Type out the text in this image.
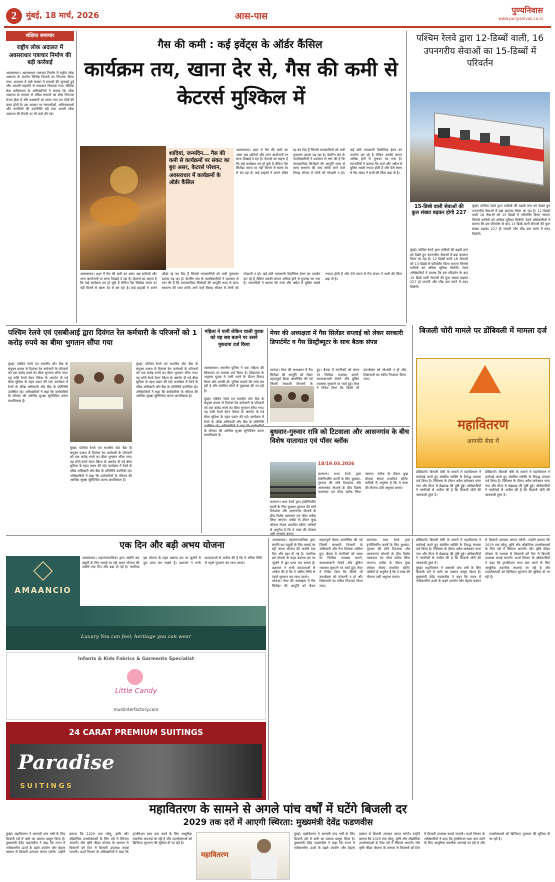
2	मुंबई, 18 मार्च, 2026	आस-पास
पुण्यनिवास
www.punyanivas.co.in
संक्षिप्त समाचार
राष्ट्रीय लोक अदालत में अवसराधार पत्राचार निर्माण की बड़ी कार्रवाई
अवसराधार। अवसराधार पत्राचार निर्माण में राष्ट्रीय लोक अदालत के अंतर्गत विभिन्न विवादों का निपटारा किया गया। अदालत में बड़ी संख्या में मामलों की सुनवाई हुई और आपसी सहमति से समाधान निकाला गया। विधिक सेवा प्राधिकरण के अधिकारियों ने बताया कि लोक अदालत के माध्यम से लंबित मामलों का शीघ्र निपटारा संभव होता है और पक्षकारों का समय तथा धन दोनों की बचत होती है। इस अवसर पर न्यायाधीशों, अधिवक्ताओं और नागरिकों की उपस्थिति रही तथा अगली लोक अदालत की तैयारी पर भी चर्चा की गई।
गैस की कमी : कई इवेंट्स के ऑर्डर कैंसिल
कार्यक्रम तय, खाना देर से, गैस की कमी से केटरर्स मुश्किल में
शादियां, जन्मदिन... गैस की कमी से कार्यक्रमों पर संकट का बुरा असर, केटरर्स परेशान, अवसराधार में कार्यक्रमों के ऑर्डर कैंसिल
अवसराधार। शहर में गैस की कमी का असर अब शादियों और अन्य आयोजनों पर साफ दिखाई दे रहा है। केटरर्स का कहना है कि कई कार्यक्रम तय हो चुके हैं लेकिन गैस सिलेंडर समय पर नहीं मिलने से खाना देर से बन रहा है। कई ग्राहकों ने अपने ऑर्डर रद्द कर दिए हैं जिससे व्यवसायियों को भारी नुकसान उठाना पड़ रहा है। केटरिंग संघ के पदाधिकारियों ने प्रशासन से मांग की है कि व्यावसायिक सिलेंडरों की आपूर्ति जल्द से जल्द सामान्य की जाए ताकि आने वाले विवाह सीजन में लोगों को परेशानी न हो। कई छोटे व्यवसायी वैकल्पिक ईंधन का उपयोग कर रहे हैं लेकिन उसकी लागत अधिक होने से मुनाफा घट गया है। व्यापारियों ने बताया कि मार्च और अप्रैल में बुकिंग सबसे ज्यादा होती है और ऐसे समय में गैस संकट ने सभी की चिंता बढ़ा दी है।
अवसराधार। शहर में गैस की कमी का असर अब शादियों और अन्य आयोजनों पर साफ दिखाई दे रहा है। केटरर्स का कहना है कि कई कार्यक्रम तय हो चुके हैं लेकिन गैस सिलेंडर समय पर नहीं मिलने से खाना देर से बन रहा है। कई ग्राहकों ने अपने ऑर्डर रद्द कर दिए हैं जिससे व्यवसायियों को भारी नुकसान उठाना पड़ रहा है। केटरिंग संघ के पदाधिकारियों ने प्रशासन से मांग की है कि व्यावसायिक सिलेंडरों की आपूर्ति जल्द से जल्द सामान्य की जाए ताकि आने वाले विवाह सीजन में लोगों को परेशानी न हो। कई छोटे व्यवसायी वैकल्पिक ईंधन का उपयोग कर रहे हैं लेकिन उसकी लागत अधिक होने से मुनाफा घट गया है। व्यापारियों ने बताया कि मार्च और अप्रैल में बुकिंग सबसे ज्यादा होती है और ऐसे समय में गैस संकट ने सभी की चिंता बढ़ा दी है।
पश्चिम रेलवे द्वारा 12-डिब्बों वाली, 16 उपनगरीय सेवाओं का 15-डिब्बों में परिवर्तन
15-डिब्बे वाली सेवाओं की कुल संख्या बढ़कर होगी 227
मुंबई। पश्चिम रेलवे द्वारा यात्रियों की बढ़ती मांग को देखते हुए उपनगरीय सेवाओं में बड़ा बदलाव किया जा रहा है। 12 डिब्बों वाली 16 सेवाओं को 15 डिब्बों में परिवर्तित किया जाएगा जिससे यात्रियों को अधिक सुविधा मिलेगी। रेलवे अधिकारियों ने बताया कि इस परिवर्तन के बाद 15 डिब्बे वाली सेवाओं की कुल संख्या बढ़कर 227 हो जाएगी और भीड़ कम करने में मदद मिलेगी।
मुंबई। पश्चिम रेलवे द्वारा यात्रियों की बढ़ती मांग को देखते हुए उपनगरीय सेवाओं में बड़ा बदलाव किया जा रहा है। 12 डिब्बों वाली 16 सेवाओं को 15 डिब्बों में परिवर्तित किया जाएगा जिससे यात्रियों को अधिक सुविधा मिलेगी। रेलवे अधिकारियों ने बताया कि इस परिवर्तन के बाद 15 डिब्बे वाली सेवाओं की कुल संख्या बढ़कर 227 हो जाएगी और भीड़ कम करने में मदद मिलेगी।
पश्चिम रेलवे एवं एसबीआई द्वारा दिवंगत रेल कर्मचारी के परिजनों को 1 करोड़ रुपये का बीमा भुगतान सौंपा गया
मुंबई। पश्चिम रेलवे एवं भारतीय स्टेट बैंक के संयुक्त प्रयास से दिवंगत रेल कर्मचारी के परिजनों को एक करोड़ रुपये का बीमा भुगतान सौंपा गया। यह राशि रेलवे वेतन पैकेज के अंतर्गत दी गई बीमा सुविधा के तहत प्रदान की गई। कार्यक्रम में रेलवे के वरिष्ठ अधिकारी और बैंक के प्रतिनिधि उपस्थित रहे। अधिकारियों ने कहा कि कर्मचारियों के परिवार की आर्थिक सुरक्षा सुनिश्चित करना प्राथमिकता है।
मुंबई। पश्चिम रेलवे एवं भारतीय स्टेट बैंक के संयुक्त प्रयास से दिवंगत रेल कर्मचारी के परिजनों को एक करोड़ रुपये का बीमा भुगतान सौंपा गया। यह राशि रेलवे वेतन पैकेज के अंतर्गत दी गई बीमा सुविधा के तहत प्रदान की गई। कार्यक्रम में रेलवे के वरिष्ठ अधिकारी और बैंक के प्रतिनिधि उपस्थित रहे। अधिकारियों ने कहा कि कर्मचारियों के परिवार की आर्थिक सुरक्षा सुनिश्चित करना प्राथमिकता है।
मुंबई। पश्चिम रेलवे एवं भारतीय स्टेट बैंक के संयुक्त प्रयास से दिवंगत रेल कर्मचारी के परिजनों को एक करोड़ रुपये का बीमा भुगतान सौंपा गया। यह राशि रेलवे वेतन पैकेज के अंतर्गत दी गई बीमा सुविधा के तहत प्रदान की गई। कार्यक्रम में रेलवे के वरिष्ठ अधिकारी और बैंक के प्रतिनिधि उपस्थित रहे। अधिकारियों ने कहा कि कर्मचारियों के परिवार की आर्थिक सुरक्षा सुनिश्चित करना प्राथमिकता है।
महिला ने पानी लेकिन चाली युवक को यह सब बताने पर उसने मुकदमा दर्ज किया
अवसराधार। स्थानीय पुलिस ने एक महिला की शिकायत पर मामला दर्ज किया है। शिकायत के अनुसार युवक ने पानी भरने के दौरान विवाद किया और धमकी दी। पुलिस मामले की जांच कर रही है और संबंधित लोगों से पूछताछ की जा रही है।
मुंबई। पश्चिम रेलवे एवं भारतीय स्टेट बैंक के संयुक्त प्रयास से दिवंगत रेल कर्मचारी के परिजनों को एक करोड़ रुपये का बीमा भुगतान सौंपा गया। यह राशि रेलवे वेतन पैकेज के अंतर्गत दी गई बीमा सुविधा के तहत प्रदान की गई। कार्यक्रम में रेलवे के वरिष्ठ अधिकारी और बैंक के प्रतिनिधि के परिवार की आर्थिक सुरक्षा सुनिश्चित करना प्राथमिकता है।
मेयर की अध्यक्षता में गैस सिलेंडर सप्लाई को लेकर सरकारी डिपार्टमेंट व गैस डिस्ट्रीब्यूटर के साथ बैठक संपन्न
भायंदर। मेयर की अध्यक्षता में गैस सिलेंडर की आपूर्ति को लेकर महत्वपूर्ण बैठक आयोजित की गई जिसमें सरकारी विभागों के हुए। बैठक में नागरिकों को समय पर सिलेंडर उपलब्ध कराने, कालाबाजारी रोकने और बुकिंग व्यवस्था सुधारने पर चर्चा हुई। मेयर ने निर्देश दिया कि किसी भी उपभोक्ता को परेशानी न हो और शिकायतों का त्वरित निपटारा किया जाए।
बिजली चोरी मामले पर डोंबिवली में मामला दर्ज
महावितरण
आपकी सेवा में
डोंबिवली। बिजली चोरी के मामले में महावितरण ने कार्रवाई करते हुए संबंधित व्यक्ति के विरुद्ध मामला दर्ज किया है। निरीक्षण के दौरान अवैध कनेक्शन पाया गया और मीटर से छेड़छाड़ की पुष्टि हुई। अधिकारियों ने नागरिकों से अपील की है कि बिजली चोरी की जानकारी तुरंत दें।
डोंबिवली। बिजली चोरी के मामले में महावितरण ने कार्रवाई करते हुए संबंधित व्यक्ति के विरुद्ध मामला दर्ज किया है। निरीक्षण के दौरान अवैध कनेक्शन पाया गया और मीटर से छेड़छाड़ की पुष्टि हुई। अधिकारियों ने नागरिकों से अपील की है कि बिजली चोरी की जानकारी तुरंत दें।
बुधवार-गुरुवार रात्रि को टिटवाला और आसनगांव के बीच विशेष यातायात एवं पॉवर ब्लॉक
18/19.03.2026
कल्याण। मध्य रेलवे द्वारा इंजीनियरिंग कार्यों के लिए बुधवार-गुरुवार की रात्रि टिटवाला और आसनगांव स्टेशनों के बीच विशेष यातायात एवं पॉवर ब्लॉक लिया जाएगा। ब्लॉक के दौरान कुछ लोकल सेवाएं प्रभावित रहेंगी। यात्रियों से अनुरोध है कि वे यात्रा की योजना उसी अनुसार बनाएं।
कल्याण। मध्य रेलवे द्वारा इंजीनियरिंग कार्यों के लिए बुधवार-गुरुवार की रात्रि टिटवाला और आसनगांव स्टेशनों के बीच विशेष यातायात एवं पॉवर ब्लॉक लिया जाएगा। ब्लॉक के दौरान कुछ लोकल सेवाएं प्रभावित रहेंगी। यात्रियों से अनुरोध है कि वे यात्रा की योजना
एक दिन और बड़ी अभय योजना
अवसराधार। महानगरपालिका द्वारा संपत्ति कर वसूली के लिए चलाई जा रही अभय योजना की अवधि एक दिन और बढ़ा दी गई है। नागरिक इस योजना के तहत बकाया कर पर जुर्माने में छूट प्राप्त कर सकते हैं। प्रशासन ने सभी करदाताओं से अपील की है कि वे अंतिम तिथि से पहले भुगतान कर लाभ उठाएं।
AMAANCIO
Luxury You can feel, heritage you can wear
Infants & Kids Fabrics & Garments Specialist
Little Candy
mustinterfactory.com
24 CARAT PREMIUM SUITINGS
Paradise
SUITINGS
महावितरण के सामने से अगले पांच वर्षों में घटेंगे बिजली दर
2029 तक दरों में आएगी स्थिरता: मुख्यमंत्री देवेंद्र फडणवीस
मुंबई। महावितरण ने आगामी पांच वर्षों के लिए बिजली दरों में कमी का प्रस्ताव प्रस्तुत किया है। मुख्यमंत्री देवेंद्र फडणवीस ने कहा कि राज्य में नवीकरणीय ऊर्जा के बढ़ते उपयोग और बेहतर प्रबंधन से बिजली उत्पादन लागत घटेगी। उन्होंने बताया कि 2029 तक घरेलू, कृषि और औद्योगिक उपभोक्ताओं के लिए दरों में स्थिरता आएगी। सौर कृषि फीडर योजना के माध्यम से किसानों को दिन में बिजली उपलब्ध कराई जाएगी। ऊर्जा विभाग के अधिकारियों ने कहा कि ट्रांसमिशन घाटा कम करने के लिए आधुनिक तकनीक अपनाई जा रही है और उपभोक्ताओं को डिजिटल भुगतान की सुविधा दी जा रही है।
महावितरण
मुंबई। महावितरण ने आगामी पांच वर्षों के लिए बिजली दरों में कमी का प्रस्ताव प्रस्तुत किया है। मुख्यमंत्री देवेंद्र फडणवीस ने कहा कि राज्य में नवीकरणीय ऊर्जा के बढ़ते उपयोग और बेहतर प्रबंधन से बिजली उत्पादन लागत घटेगी। उन्होंने बताया कि 2029 तक घरेलू, कृषि और औद्योगिक उपभोक्ताओं के लिए दरों में स्थिरता आएगी। सौर कृषि फीडर योजना के माध्यम से किसानों को दिन में बिजली उपलब्ध कराई जाएगी। ऊर्जा विभाग के अधिकारियों ने कहा कि ट्रांसमिशन घाटा कम करने के लिए आधुनिक तकनीक अपनाई जा रही है और उपभोक्ताओं को डिजिटल भुगतान की सुविधा दी जा रही है।
अवसराधार। महानगरपालिका द्वारा संपत्ति कर वसूली के लिए चलाई जा रही अभय योजना की अवधि एक दिन और बढ़ा दी गई है। नागरिक इस योजना के तहत बकाया कर पर जुर्माने में छूट प्राप्त कर सकते हैं। प्रशासन ने सभी करदाताओं से अपील की है कि वे अंतिम तिथि से पहले भुगतान कर लाभ उठाएं।
भायंदर। मेयर की अध्यक्षता में गैस सिलेंडर की आपूर्ति को लेकर महत्वपूर्ण बैठक आयोजित की गई जिसमें सरकारी विभागों के अधिकारी और गैस वितरक शामिल हुए। बैठक में नागरिकों को समय पर सिलेंडर उपलब्ध कराने, कालाबाजारी रोकने और बुकिंग व्यवस्था सुधारने पर चर्चा हुई। मेयर ने निर्देश दिया कि किसी भी उपभोक्ता को परेशानी न हो और शिकायतों का त्वरित निपटारा किया जाए।
कल्याण। मध्य रेलवे द्वारा इंजीनियरिंग कार्यों के लिए बुधवार-गुरुवार की रात्रि टिटवाला और आसनगांव स्टेशनों के बीच विशेष यातायात एवं पॉवर ब्लॉक लिया जाएगा। ब्लॉक के दौरान कुछ लोकल सेवाएं प्रभावित रहेंगी। यात्रियों से अनुरोध है कि वे यात्रा की योजना उसी अनुसार बनाएं।
डोंबिवली। बिजली चोरी के मामले में महावितरण ने कार्रवाई करते हुए संबंधित व्यक्ति के विरुद्ध मामला दर्ज किया है। निरीक्षण के दौरान अवैध कनेक्शन पाया गया और मीटर से छेड़छाड़ की पुष्टि हुई। अधिकारियों ने नागरिकों से अपील की है कि बिजली चोरी की जानकारी तुरंत दें।
मुंबई। महावितरण ने आगामी पांच वर्षों के लिए बिजली दरों में कमी का प्रस्ताव प्रस्तुत किया है। मुख्यमंत्री देवेंद्र फडणवीस ने कहा कि राज्य में नवीकरणीय ऊर्जा के बढ़ते उपयोग और बेहतर प्रबंधन से बिजली उत्पादन लागत घटेगी। उन्होंने बताया कि 2029 तक घरेलू, कृषि और औद्योगिक उपभोक्ताओं के लिए दरों में स्थिरता आएगी। सौर कृषि फीडर योजना के माध्यम से किसानों को दिन में बिजली उपलब्ध कराई जाएगी। ऊर्जा विभाग के अधिकारियों ने कहा कि ट्रांसमिशन घाटा कम करने के लिए आधुनिक तकनीक अपनाई जा रही है और उपभोक्ताओं को डिजिटल भुगतान की सुविधा दी जा रही है।
